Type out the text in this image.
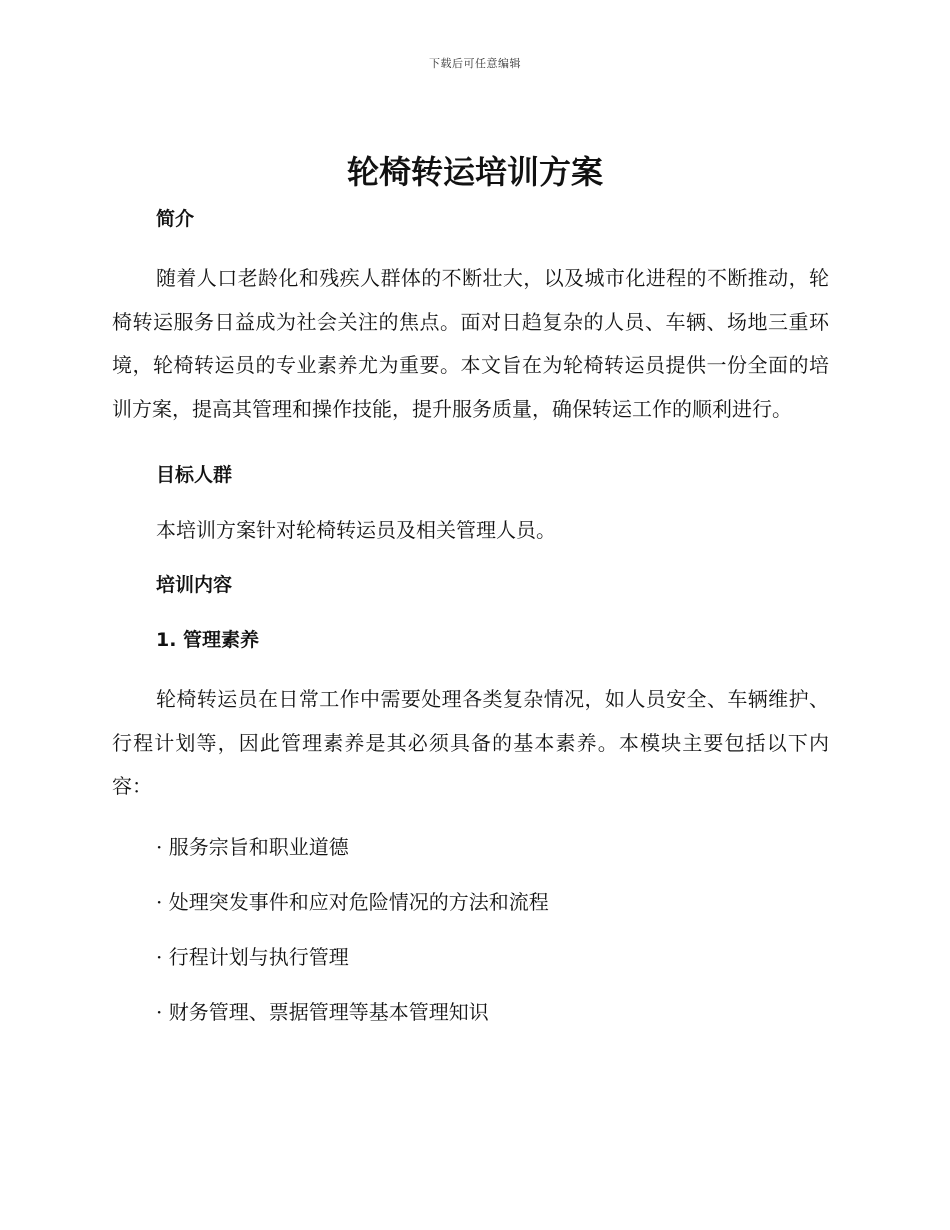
下载后可任意编辑
轮椅转运培训方案

简介

随着人口老龄化和残疾人群体的不断壮大，以及城市化进程的不断推动，轮椅转运服务日益成为社会关注的焦点。面对日趋复杂的人员、车辆、场地三重环境，轮椅转运员的专业素养尤为重要。本文旨在为轮椅转运员提供一份全面的培训方案，提高其管理和操作技能，提升服务质量，确保转运工作的顺利进行。

目标人群

本培训方案针对轮椅转运员及相关管理人员。

培训内容

1. 管理素养

轮椅转运员在日常工作中需要处理各类复杂情况，如人员安全、车辆维护、行程计划等，因此管理素养是其必须具备的基本素养。本模块主要包括以下内容：

· 服务宗旨和职业道德

· 处理突发事件和应对危险情况的方法和流程

· 行程计划与执行管理

· 财务管理、票据管理等基本管理知识
